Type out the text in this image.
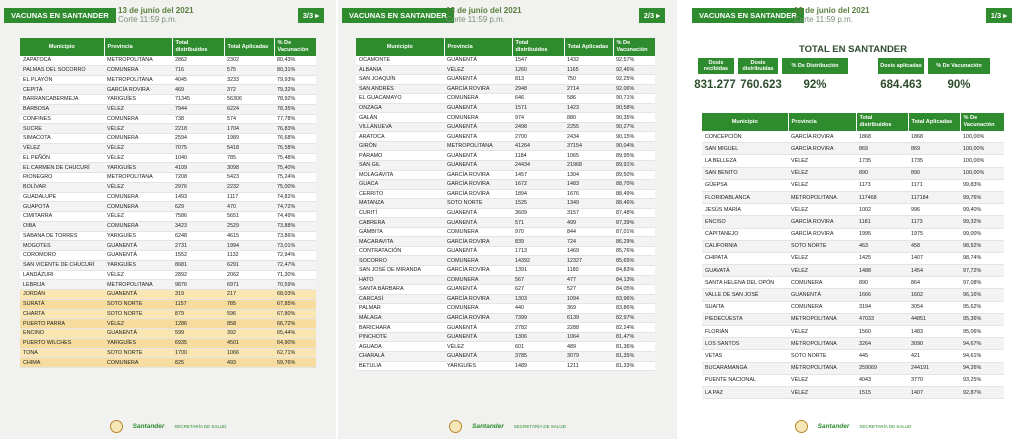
VACUNAS EN SANTANDER
13 de junio del 2021
Corte 11:59 p.m.	3/3 ▸
Municipio	Provincia	Total distribuidos	Total Aplicadas	% De Vacunación
ZAPATOCA	METROPOLITANA	2862	2302	80,43%
PALMAS DEL SOCORRO	COMUNERA	716	575	80,31%
EL PLAYÓN	METROPOLITANA	4045	3233	79,93%
CEPITÁ	GARCÍA ROVIRA	469	372	79,32%
BARRANCABERMEJA	YARIGUÍES	71345	56306	78,92%
BARBOSA	VÉLEZ	7944	6224	78,35%
CONFINES	COMUNERA	738	574	77,78%
SUCRE	VÉLEZ	2218	1704	76,83%
SIMACOTA	COMUNERA	2594	1989	76,68%
VÉLEZ	VÉLEZ	7075	5418	76,58%
EL PEÑÓN	VÉLEZ	1040	785	75,48%
EL CARMEN DE CHUCURÍ	YARIGUÍES	4109	3098	75,40%
RIONEGRO	METROPOLITANA	7208	5423	75,24%
BOLÍVAR	VÉLEZ	2976	2232	75,00%
GUADALUPE	COMUNERA	1493	1117	74,82%
GUAPOTÁ	COMUNERA	629	470	74,72%
CIMITARRA	VÉLEZ	7586	5651	74,49%
OIBA	COMUNERA	3423	2529	73,88%
SABANA DE TORRES	YARIGUÍES	6248	4615	73,86%
MOGOTES	GUANENTÁ	2731	1994	73,01%
COROMORO	GUANENTÁ	1552	1132	72,94%
SAN VICENTE DE CHUCURÍ	YARIGUÍES	8681	6291	72,47%
LANDÁZURI	VÉLEZ	2892	2062	71,30%
LEBRIJA	METROPOLITANA	9876	6971	70,59%
JORDÁN	GUANENTÁ	319	217	68,03%
SURATÁ	SOTO NORTE	1157	785	67,85%
CHARTA	SOTO NORTE	879	596	67,80%
PUERTO PARRA	VÉLEZ	1286	858	66,72%
ENCINO	GUANENTÁ	599	392	65,44%
PUERTO WILCHES	YARIGUÍES	6935	4501	64,90%
TONA	SOTO NORTE	1700	1066	62,71%
CHIMA	COMUNERA	825	493	59,76%
Santander SECRETARÍA DE SALUD
VACUNAS EN SANTANDER
13 de junio del 2021
Corte 11:59 p.m.	2/3 ▸
Municipio	Provincia	Total distribuidos	Total Aplicadas	% De Vacunación
OCAMONTE	GUANENTÁ	1547	1432	92,57%
ALBANIA	VÉLEZ	1260	1165	92,46%
SAN JOAQUÍN	GUANENTÁ	813	750	92,25%
SAN ANDRÉS	GARCÍA ROVIRA	2948	2714	92,06%
EL GUACAMAYO	COMUNERA	646	586	90,71%
ONZAGA	GUANENTÁ	1571	1423	90,58%
GALÁN	COMUNERA	974	880	90,35%
VILLANUEVA	GUANENTÁ	2498	2255	90,27%
ARATOCA	GUANENTÁ	2700	2434	90,15%
GIRÓN	METROPOLITANA	41264	37154	90,04%
PÁRAMO	GUANENTÁ	1184	1065	89,95%
SAN GIL	GUANENTÁ	24434	21968	89,91%
MOLAGAVITA	GARCÍA ROVIRA	1457	1304	89,50%
GUACA	GARCÍA ROVIRA	1672	1483	88,70%
CERRITO	GARCÍA ROVIRA	1894	1676	88,49%
MATANZA	SOTO NORTE	1525	1349	88,46%
CURITÍ	GUANENTÁ	3609	3157	87,48%
CABRERA	GUANENTÁ	571	499	87,39%
GÁMBITA	COMUNERA	970	844	87,01%
MACARAVITA	GARCÍA ROVIRA	839	724	86,29%
CONTRATACIÓN	GUANENTÁ	1713	1469	85,76%
SOCORRO	COMUNERA	14392	12327	85,65%
SAN JOSÉ DE MIRANDA	GARCÍA ROVIRA	1391	1180	84,83%
HATO	COMUNERA	567	477	84,13%
SANTA BÁRBARA	GUANENTÁ	627	527	84,05%
CARCASÍ	GARCÍA ROVIRA	1303	1094	83,96%
PALMAR	COMUNERA	440	369	83,86%
MÁLAGA	GARCÍA ROVIRA	7399	6139	82,97%
BARICHARA	GUANENTÁ	2782	2288	82,24%
PINCHOTE	GUANENTÁ	1306	1064	81,47%
AGUADA	VÉLEZ	601	489	81,36%
CHARALÁ	GUANENTÁ	3785	3079	81,35%
BETULIA	YARIGUÍES	1489	1211	81,33%
Santander SECRETARÍA DE SALUD
VACUNAS EN SANTANDER
13 de junio del 2021
Corte 11:59 p.m.	1/3 ▸
TOTAL EN SANTANDER
Dosis recibidas
Dosis distribuidas	% De Distribución	Dosis aplicadas	% De Vacunación
831.277 760.623	92%	684.463	90%
Municipio	Provincia	Total distribuidos	Total Aplicadas	% De Vacunación
CONCEPCIÓN	GARCÍA ROVIRA	1868	1868	100,00%
SAN MIGUEL	GARCÍA ROVIRA	869	869	100,00%
LA BELLEZA	VÉLEZ	1735	1735	100,00%
SAN BENITO	VÉLEZ	890	890	100,00%
GÜEPSA	VÉLEZ	1173	1171	99,83%
FLORIDABLANCA	METROPOLITANA	117468	117184	99,76%
JESÚS MARÍA	VÉLEZ	1002	996	99,40%
ENCISO	GARCÍA ROVIRA	1181	1173	99,32%
CAPITANEJO	GARCÍA ROVIRA	1995	1975	99,00%
CALIFORNIA	SOTO NORTE	463	458	98,92%
CHIPATÁ	VÉLEZ	1425	1407	98,74%
GUAVATÁ	VÉLEZ	1488	1454	97,72%
SANTA HELENA DEL OPÓN	COMUNERA	890	864	97,08%
VALLE DE SAN JOSÉ	GUANENTÁ	1666	1602	96,16%
SUAITA	COMUNERA	3194	3054	95,62%
PIEDECUESTA	METROPOLITANA	47033	44851	95,36%
FLORIÁN	VÉLEZ	1560	1483	95,06%
LOS SANTOS	METROPOLITANA	3264	3090	94,67%
VETAS	SOTO NORTE	445	421	94,61%
BUCARAMANGA	METROPOLITANA	259069	244191	94,26%
PUENTE NACIONAL	VÉLEZ	4043	3770	93,25%
LA PAZ	VÉLEZ	1515	1407	92,87%
Santander SECRETARÍA DE SALUD
